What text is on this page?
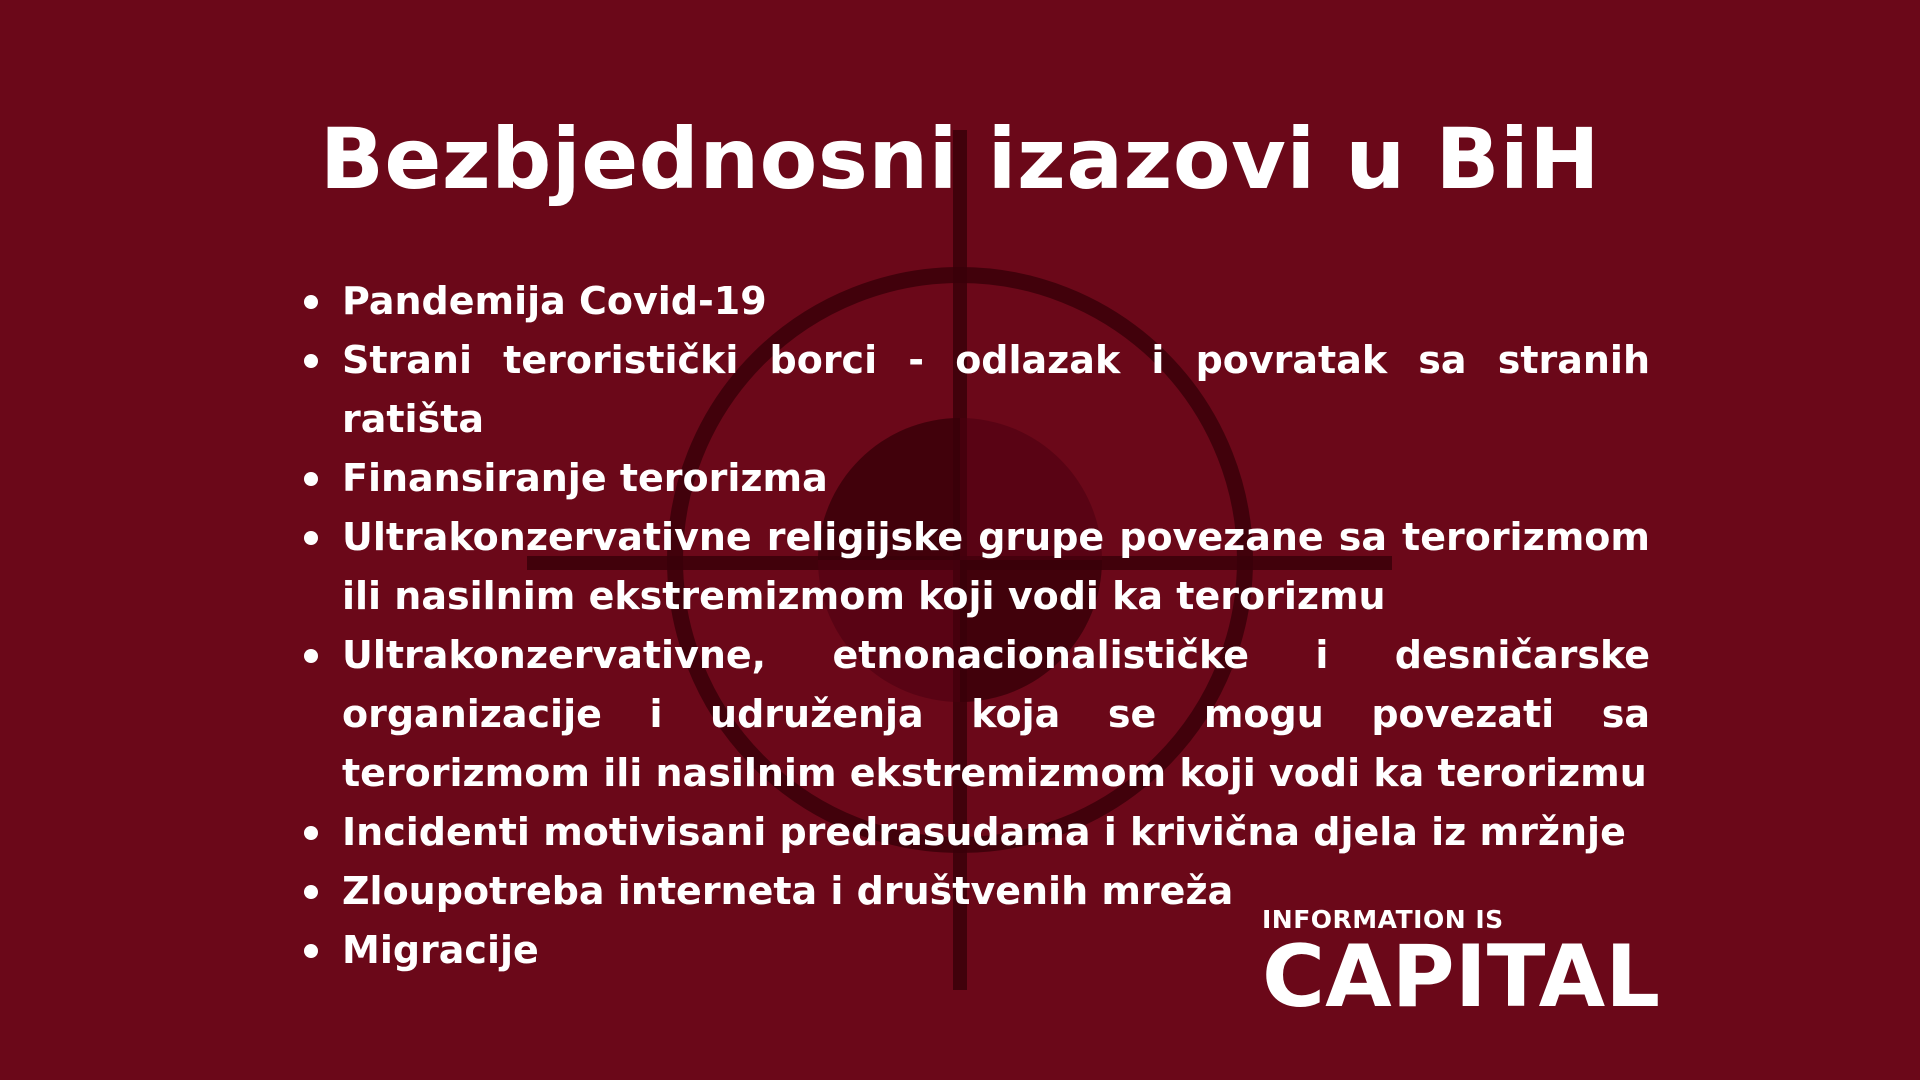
Bezbjednosni izazovi u BiH
Pandemija Covid-19
Strani teroristički borci - odlazak i povratak sa stranih ratišta
Finansiranje terorizma
Ultrakonzervativne religijske grupe povezane sa terorizmom ili nasilnim ekstremizmom koji vodi ka terorizmu
Ultrakonzervativne, etnonacionalističke i desničarske organizacije i udruženja koja se mogu povezati sa terorizmom ili nasilnim ekstremizmom koji vodi ka terorizmu
Incidenti motivisani predrasudama i krivična djela iz mržnje
Zloupotreba interneta i društvenih mreža
Migracije
INFORMATION IS
CAPITAL
